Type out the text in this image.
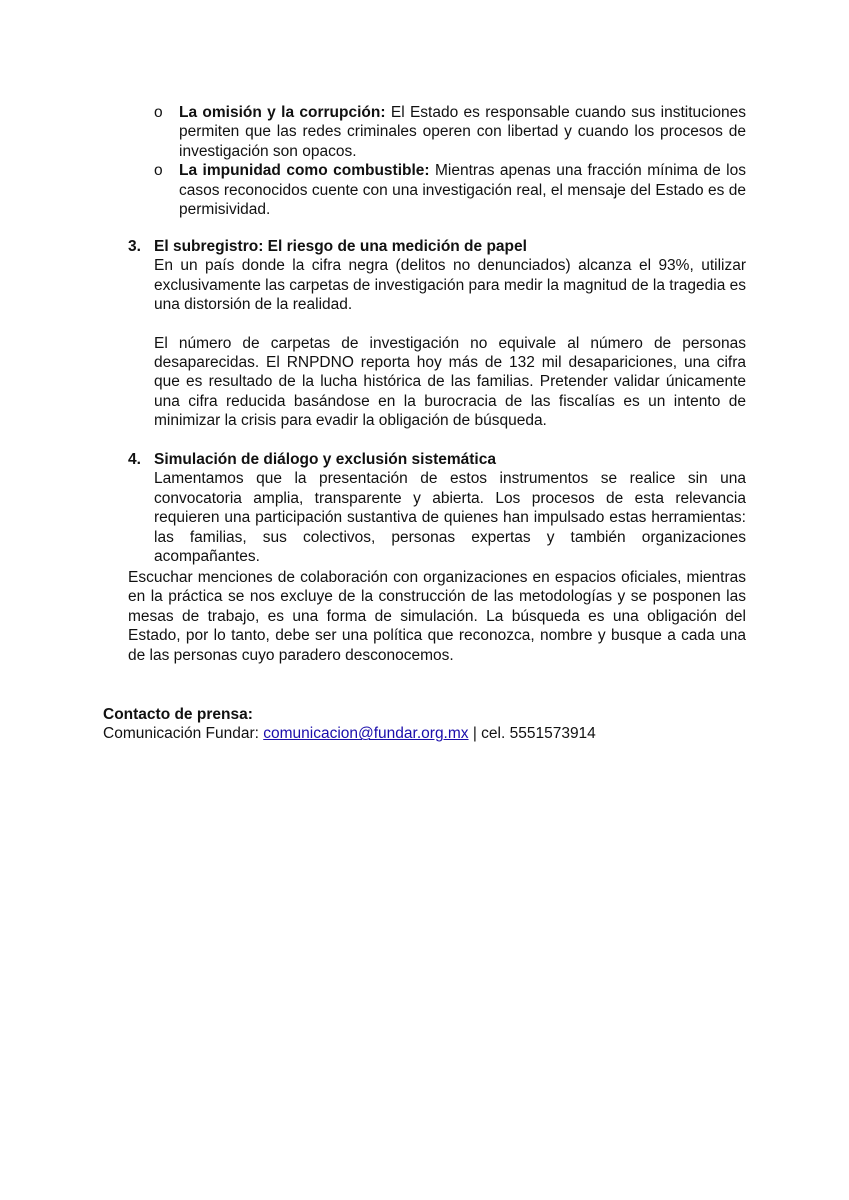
o La omisión y la corrupción: El Estado es responsable cuando sus instituciones permiten que las redes criminales operen con libertad y cuando los procesos de investigación son opacos.
o La impunidad como combustible: Mientras apenas una fracción mínima de los casos reconocidos cuente con una investigación real, el mensaje del Estado es de permisividad.
3. El subregistro: El riesgo de una medición de papel
En un país donde la cifra negra (delitos no denunciados) alcanza el 93%, utilizar exclusivamente las carpetas de investigación para medir la magnitud de la tragedia es una distorsión de la realidad.
El número de carpetas de investigación no equivale al número de personas desaparecidas. El RNPDNO reporta hoy más de 132 mil desapariciones, una cifra que es resultado de la lucha histórica de las familias. Pretender validar únicamente una cifra reducida basándose en la burocracia de las fiscalías es un intento de minimizar la crisis para evadir la obligación de búsqueda.
4. Simulación de diálogo y exclusión sistemática
Lamentamos que la presentación de estos instrumentos se realice sin una convocatoria amplia, transparente y abierta. Los procesos de esta relevancia requieren una participación sustantiva de quienes han impulsado estas herramientas: las familias, sus colectivos, personas expertas y también organizaciones acompañantes.
Escuchar menciones de colaboración con organizaciones en espacios oficiales, mientras en la práctica se nos excluye de la construcción de las metodologías y se posponen las mesas de trabajo, es una forma de simulación. La búsqueda es una obligación del Estado, por lo tanto, debe ser una política que reconozca, nombre y busque a cada una de las personas cuyo paradero desconocemos.
Contacto de prensa:
Comunicación Fundar: comunicacion@fundar.org.mx | cel. 5551573914
